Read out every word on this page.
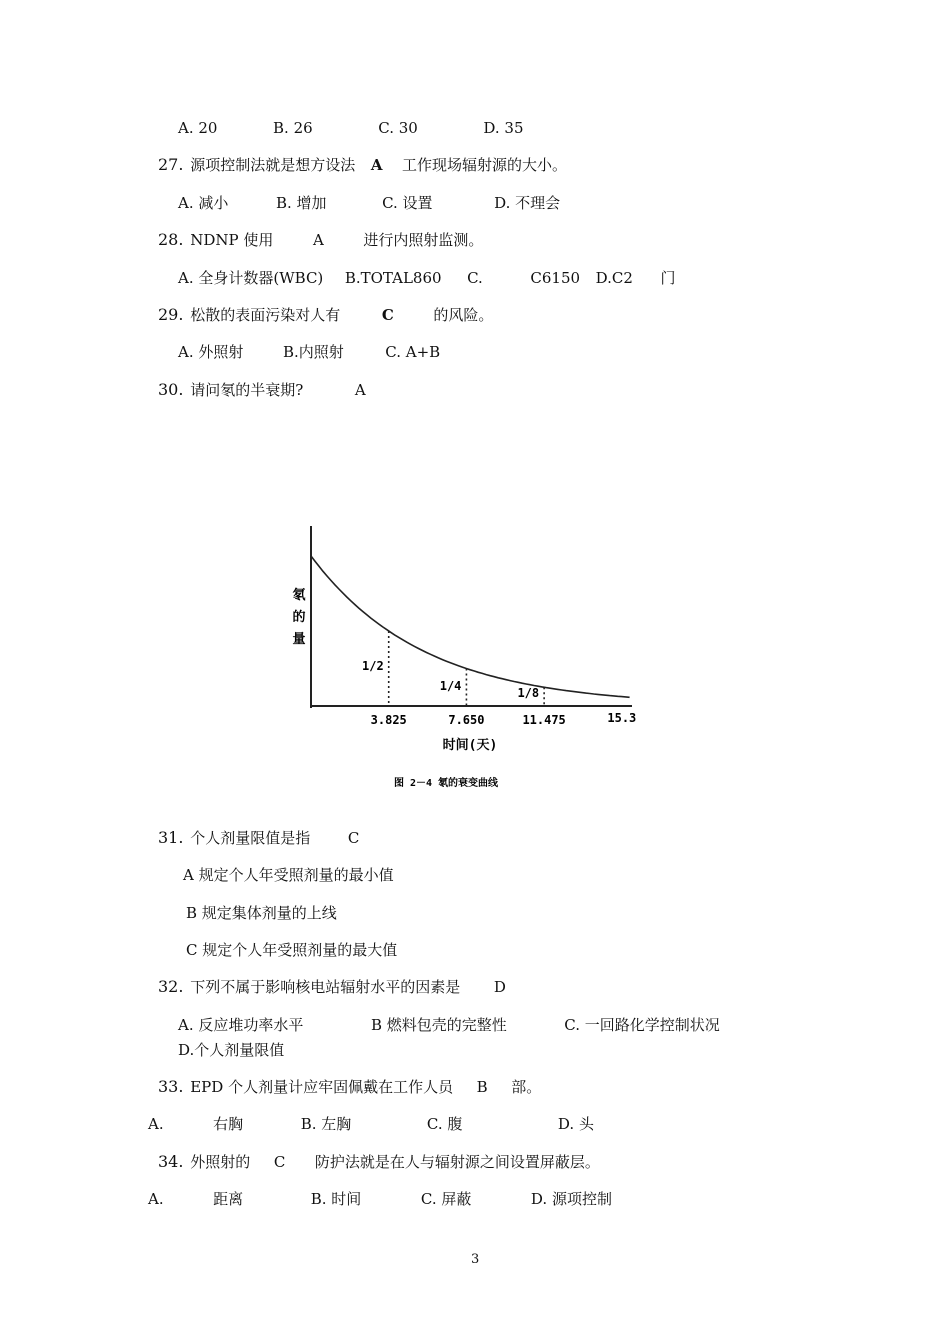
A. 20	B. 26	C. 30	D. 35
27. 源项控制法就是想方设法 A 工作现场辐射源的大小。
A. 减小	B. 增加	C. 设置	D. 不理会
28. NDNP 使用	A	进行内照射监测。
A. 全身计数器(WBC) B.TOTAL860 C.	C6150 D.C2 门
29. 松散的表面污染对人有	C	的风险。
A. 外照射	B.内照射	C. A+B
30. 请问氡的半衰期?	A
1/2
1/4	1/8
3.825	7.650	11.475	15.3
氡
的
量
时间(天)
图 2－4 氡的衰变曲线
31. 个人剂量限值是指	C
A 规定个人年受照剂量的最小值
B 规定集体剂量的上线
C 规定个人年受照剂量的最大值
32. 下列不属于影响核电站辐射水平的因素是 D
A. 反应堆功率水平	B 燃料包壳的完整性	C. 一回路化学控制状况
D.个人剂量限值
33. EPD 个人剂量计应牢固佩戴在工作人员 B 部。
A.	右胸	B. 左胸	C. 腹	D. 头
34. 外照射的 C 防护法就是在人与辐射源之间设置屏蔽层。
A.	距离	B. 时间	C. 屏蔽	D. 源项控制
3
